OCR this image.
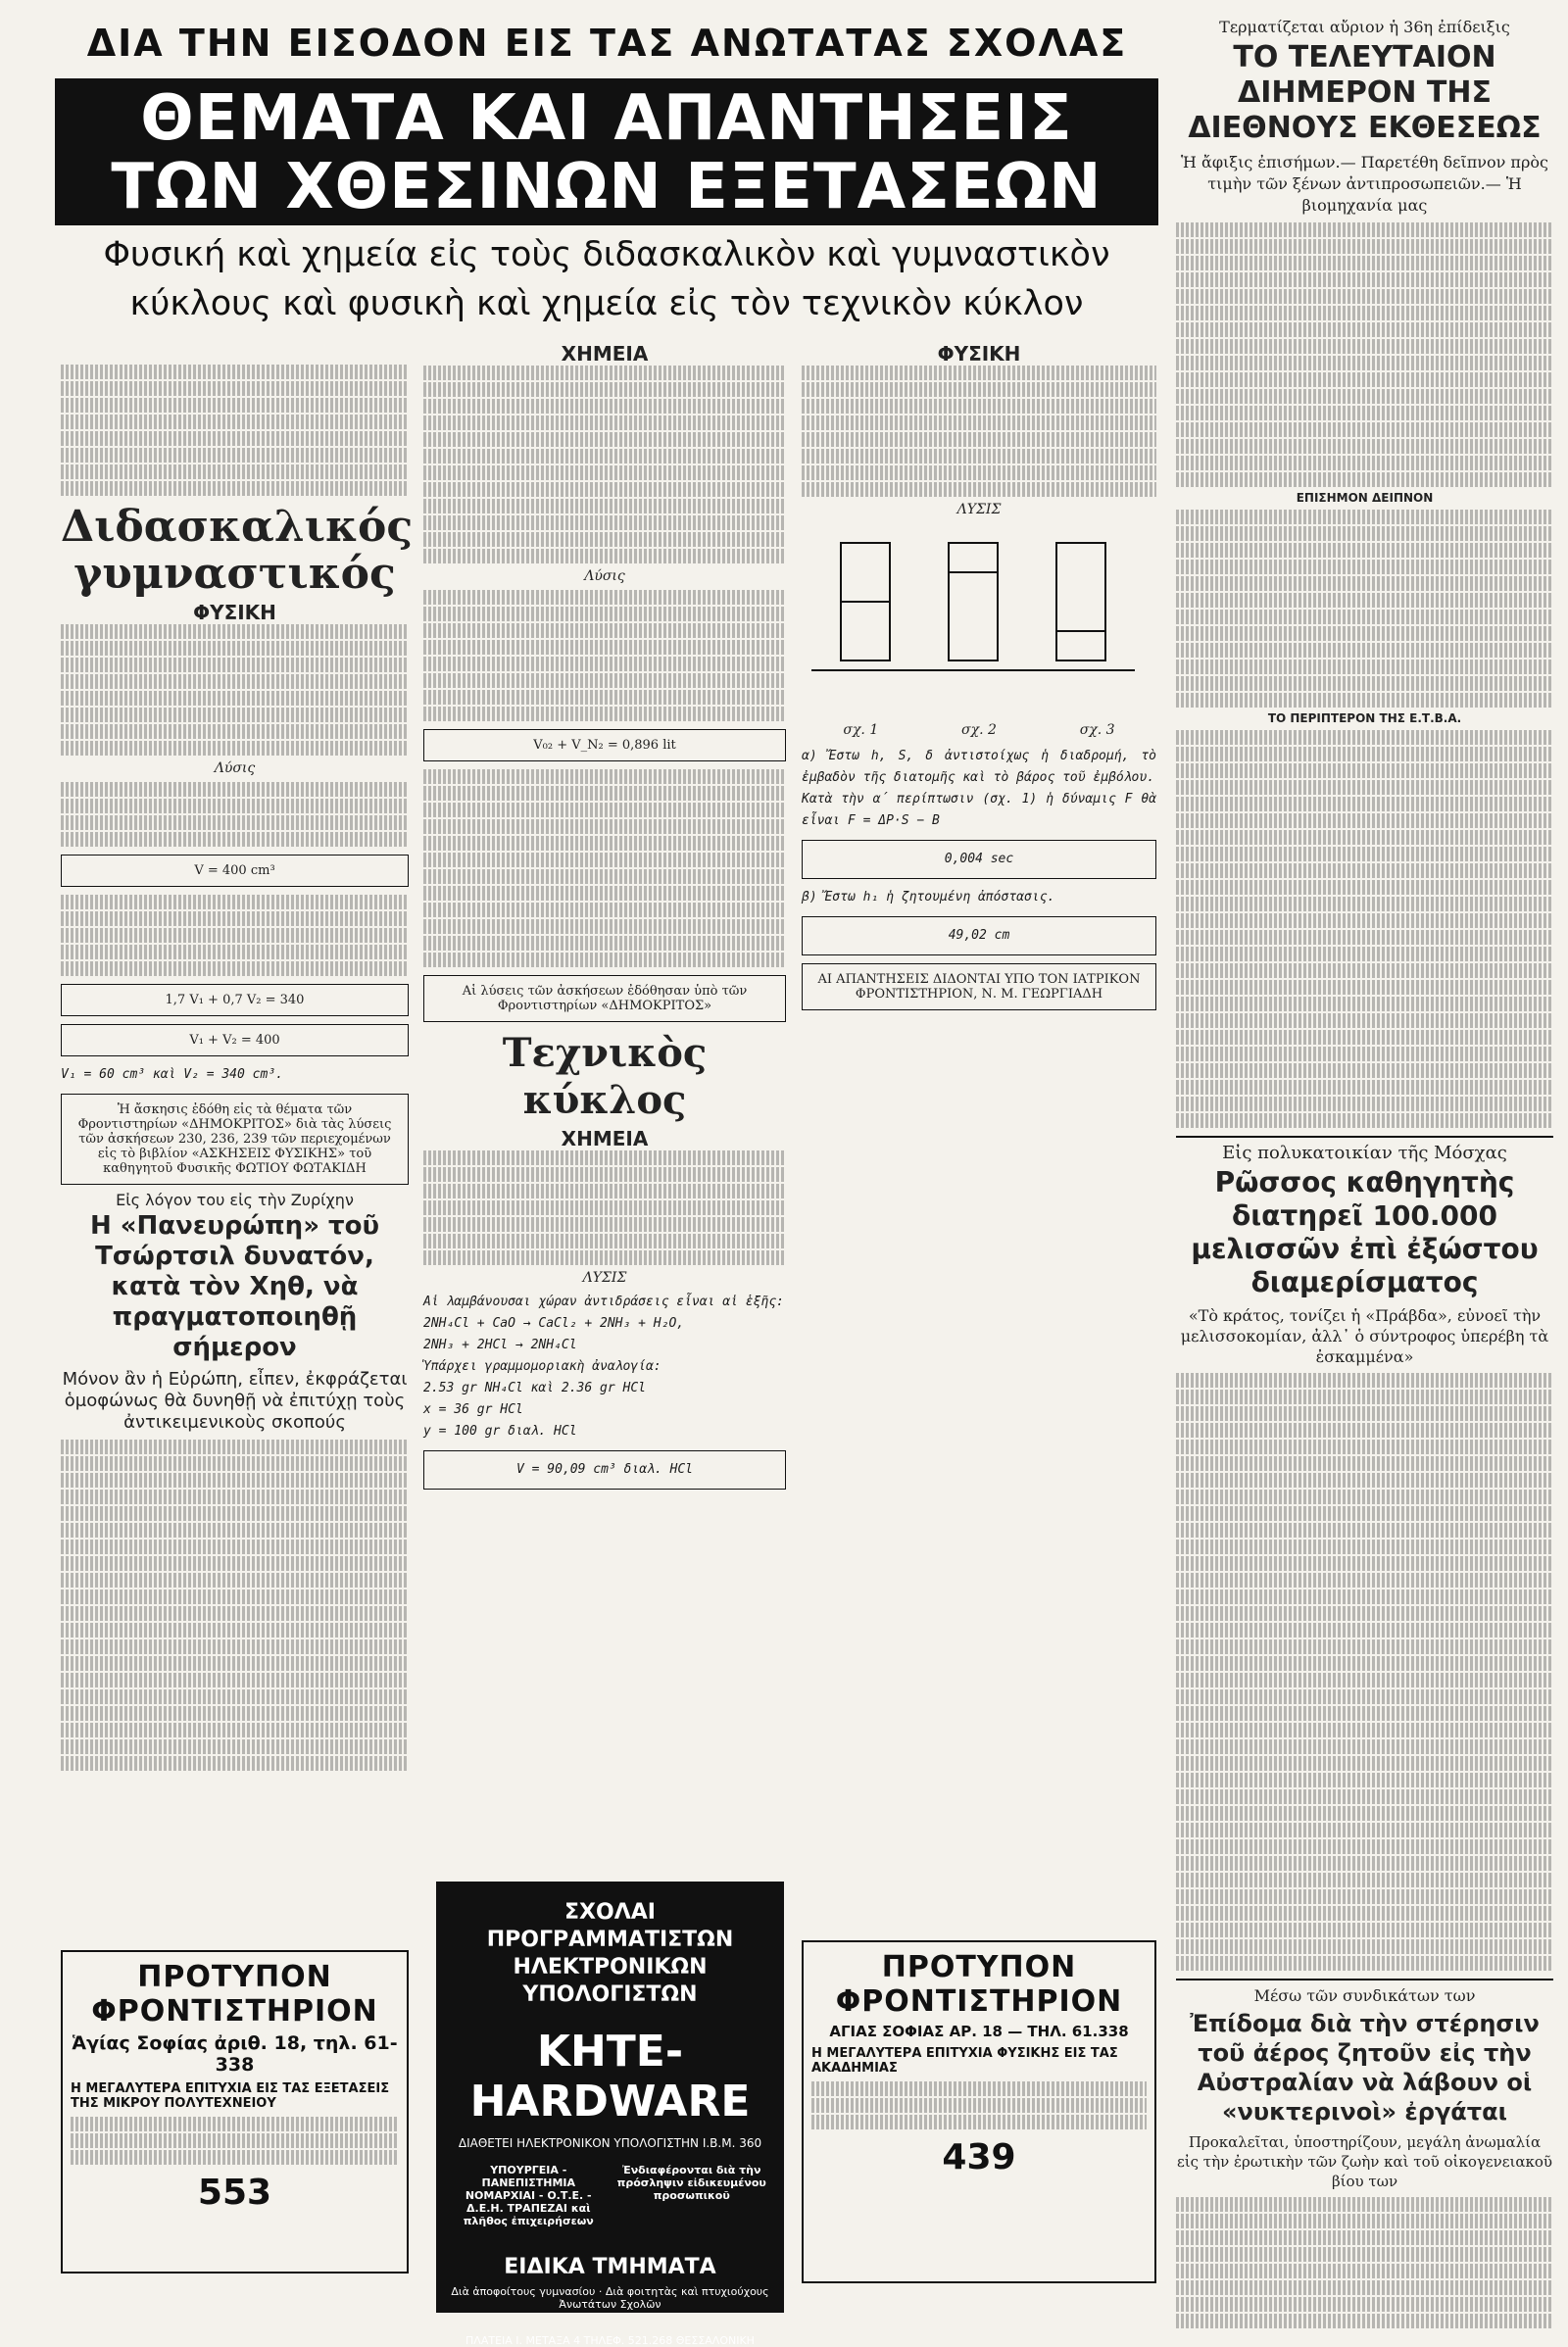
ΔΙΑ ΤΗΝ ΕΙΣΟΔΟΝ ΕΙΣ ΤΑΣ ΑΝΩΤΑΤΑΣ ΣΧΟΛΑΣ
ΘΕΜΑΤΑ ΚΑΙ ΑΠΑΝΤΗΣΕΙΣ
ΤΩΝ ΧΘΕΣΙΝΩΝ ΕΞΕΤΑΣΕΩΝ
Φυσική καὶ χημεία εἰς τοὺς διδασκαλικὸν καὶ γυμναστικὸν
κύκλους καὶ φυσικὴ καὶ χημεία εἰς τὸν τεχνικὸν κύκλον
Διδασκαλικός γυμναστικός
ΦΥΣΙΚΗ
Λύσις
V = 400 cm³
1,7 V₁ + 0,7 V₂ = 340
V₁ + V₂ = 400
V₁ = 60 cm³ καὶ V₂ = 340 cm³.
Ἡ ἄσκησις ἐδόθη εἰς τὰ θέματα τῶν Φροντιστηρίων «ΔΗΜΟΚΡΙΤΟΣ» διὰ τὰς λύσεις τῶν ἀσκήσεων 230, 236, 239 τῶν περιεχομένων εἰς τὸ βιβλίον «ΑΣΚΗΣΕΙΣ ΦΥΣΙΚΗΣ» τοῦ καθηγητοῦ Φυσικῆς ΦΩΤΙΟΥ ΦΩΤΑΚΙΔΗ
Εἰς λόγον του εἰς τὴν Ζυρίχην
Η «Πανευρώπη» τοῦ Τσώρτσιλ δυνατόν, κατὰ τὸν Χηθ, νὰ πραγματοποιηθῇ σήμερον
Μόνον ἂν ἡ Εὐρώπη, εἶπεν, ἐκφράζεται ὁμοφώνως θὰ δυνηθῇ νὰ ἐπιτύχῃ τοὺς ἀντικειμενικοὺς σκοπούς
ΠΡΟΤΥΠΟΝ ΦΡΟΝΤΙΣΤΗΡΙΟΝ
Ἁγίας Σοφίας ἀριθ. 18, τηλ. 61-338
Η ΜΕΓΑΛΥΤΕΡΑ ΕΠΙΤΥΧΙΑ ΕΙΣ ΤΑΣ ΕΞΕΤΑΣΕΙΣ ΤΗΣ ΜΙΚΡΟΥ ΠΟΛΥΤΕΧΝΕΙΟΥ
553
ΧΗΜΕΙΑ
Λύσις
V₀₂ + V_N₂ = 0,896 lit
Αἱ λύσεις τῶν ἀσκήσεων ἐδόθησαν ὑπὸ τῶν Φροντιστηρίων «ΔΗΜΟΚΡΙΤΟΣ»
Τεχνικὸς κύκλος
ΧΗΜΕΙΑ
ΛΥΣΙΣ
Αἱ λαμβάνουσαι χώραν ἀντιδράσεις εἶναι αἱ ἑξῆς:
2NH₄Cl + CaO → CaCl₂ + 2NH₃ + H₂O,
2NH₃ + 2HCl → 2NH₄Cl
Ὑπάρχει γραμμομοριακὴ ἀναλογία:
2.53 gr NH₄Cl καὶ 2.36 gr HCl
x = 36 gr HCl
y = 100 gr διαλ. HCl
V = 90,09 cm³ διαλ. HCl
ΣΧΟΛΑΙ ΠΡΟΓΡΑΜΜΑΤΙΣΤΩΝ ΗΛΕΚΤΡΟΝΙΚΩΝ ΥΠΟΛΟΓΙΣΤΩΝ
KHTE-HARDWARE
ΔΙΑΘΕΤΕΙ ΗΛΕΚΤΡΟΝΙΚΟΝ ΥΠΟΛΟΓΙΣΤΗΝ Ι.Β.Μ. 360
ΥΠΟΥΡΓΕΙΑ - ΠΑΝΕΠΙΣΤΗΜΙΑ ΝΟΜΑΡΧΙΑΙ - Ο.Τ.Ε. - Δ.Ε.Η. ΤΡΑΠΕΖΑΙ καὶ πλῆθος ἐπιχειρήσεων
Ἐνδιαφέρονται διὰ τὴν πρόσληψιν εἰδικευμένου προσωπικοῦ
ΕΙΔΙΚΑ ΤΜΗΜΑΤΑ
Διὰ ἀποφοίτους γυμνασίου · Διὰ φοιτητὰς καὶ πτυχιούχους Ἀνωτάτων Σχολῶν
ΠΛΑΤΕΙΑ Ι. ΜΕΤΑΞΑ 4 ΤΗΛΕΦ. 521.268 ΘΕΣΣΑΛΟΝΙΚΗ
ΦΥΣΙΚΗ
ΛΥΣΙΣ
σχ. 1	σχ. 2	σχ. 3
α) Ἔστω h, S, δ ἀντιστοίχως ἡ διαδρομή, τὸ ἐμβαδὸν τῆς διατομῆς καὶ τὸ βάρος τοῦ ἐμβόλου.
Κατὰ τὴν α΄ περίπτωσιν (σχ. 1) ἡ δύναμις F θὰ εἶναι F = ΔP·S − B
0,004 sec
β) Ἔστω h₁ ἡ ζητουμένη ἀπόστασις.
49,02 cm
ΑΙ ΑΠΑΝΤΗΣΕΙΣ ΔΙΔΟΝΤΑΙ ΥΠΟ ΤΟΝ ΙΑΤΡΙΚΟΝ ΦΡΟΝΤΙΣΤΗΡΙΟΝ, Ν. Μ. ΓΕΩΡΓΙΑΔΗ
ΠΡΟΤΥΠΟΝ ΦΡΟΝΤΙΣΤΗΡΙΟΝ
ΑΓΙΑΣ ΣΟΦΙΑΣ ΑΡ. 18 — ΤΗΛ. 61.338
Η ΜΕΓΑΛΥΤΕΡΑ ΕΠΙΤΥΧΙΑ ΦΥΣΙΚΗΣ ΕΙΣ ΤΑΣ ΑΚΑΔΗΜΙΑΣ
439
Τερματίζεται αὔριον ἡ 36η ἐπίδειξις
ΤΟ ΤΕΛΕΥΤΑΙΟΝ ΔΙΗΜΕΡΟΝ ΤΗΣ ΔΙΕΘΝΟΥΣ ΕΚΘΕΣΕΩΣ
Ἡ ἄφιξις ἐπισήμων.— Παρετέθη δεῖπνον πρὸς τιμὴν τῶν ξένων ἀντιπροσωπειῶν.— Ἡ βιομηχανία μας
ΕΠΙΣΗΜΟΝ ΔΕΙΠΝΟΝ
ΤΟ ΠΕΡΙΠΤΕΡΟΝ ΤΗΣ Ε.Τ.Β.Α.
Εἰς πολυκατοικίαν τῆς Μόσχας
Ρῶσσος καθηγητὴς διατηρεῖ 100.000 μελισσῶν ἐπὶ ἐξώστου διαμερίσματος
«Τὸ κράτος, τονίζει ἡ «Πράβδα», εὐνοεῖ τὴν μελισσοκομίαν, ἀλλ᾿ ὁ σύντροφος ὑπερέβη τὰ ἐσκαμμένα»
Μέσω τῶν συνδικάτων των
Ἐπίδομα διὰ τὴν στέρησιν τοῦ ἀέρος ζητοῦν εἰς τὴν Αὐστραλίαν νὰ λάβουν οἱ «νυκτερινοὶ» ἐργάται
Προκαλεῖται, ὑποστηρίζουν, μεγάλη ἀνωμαλία εἰς τὴν ἐρωτικὴν τῶν ζωὴν καὶ τοῦ οἰκογενειακοῦ βίου των
